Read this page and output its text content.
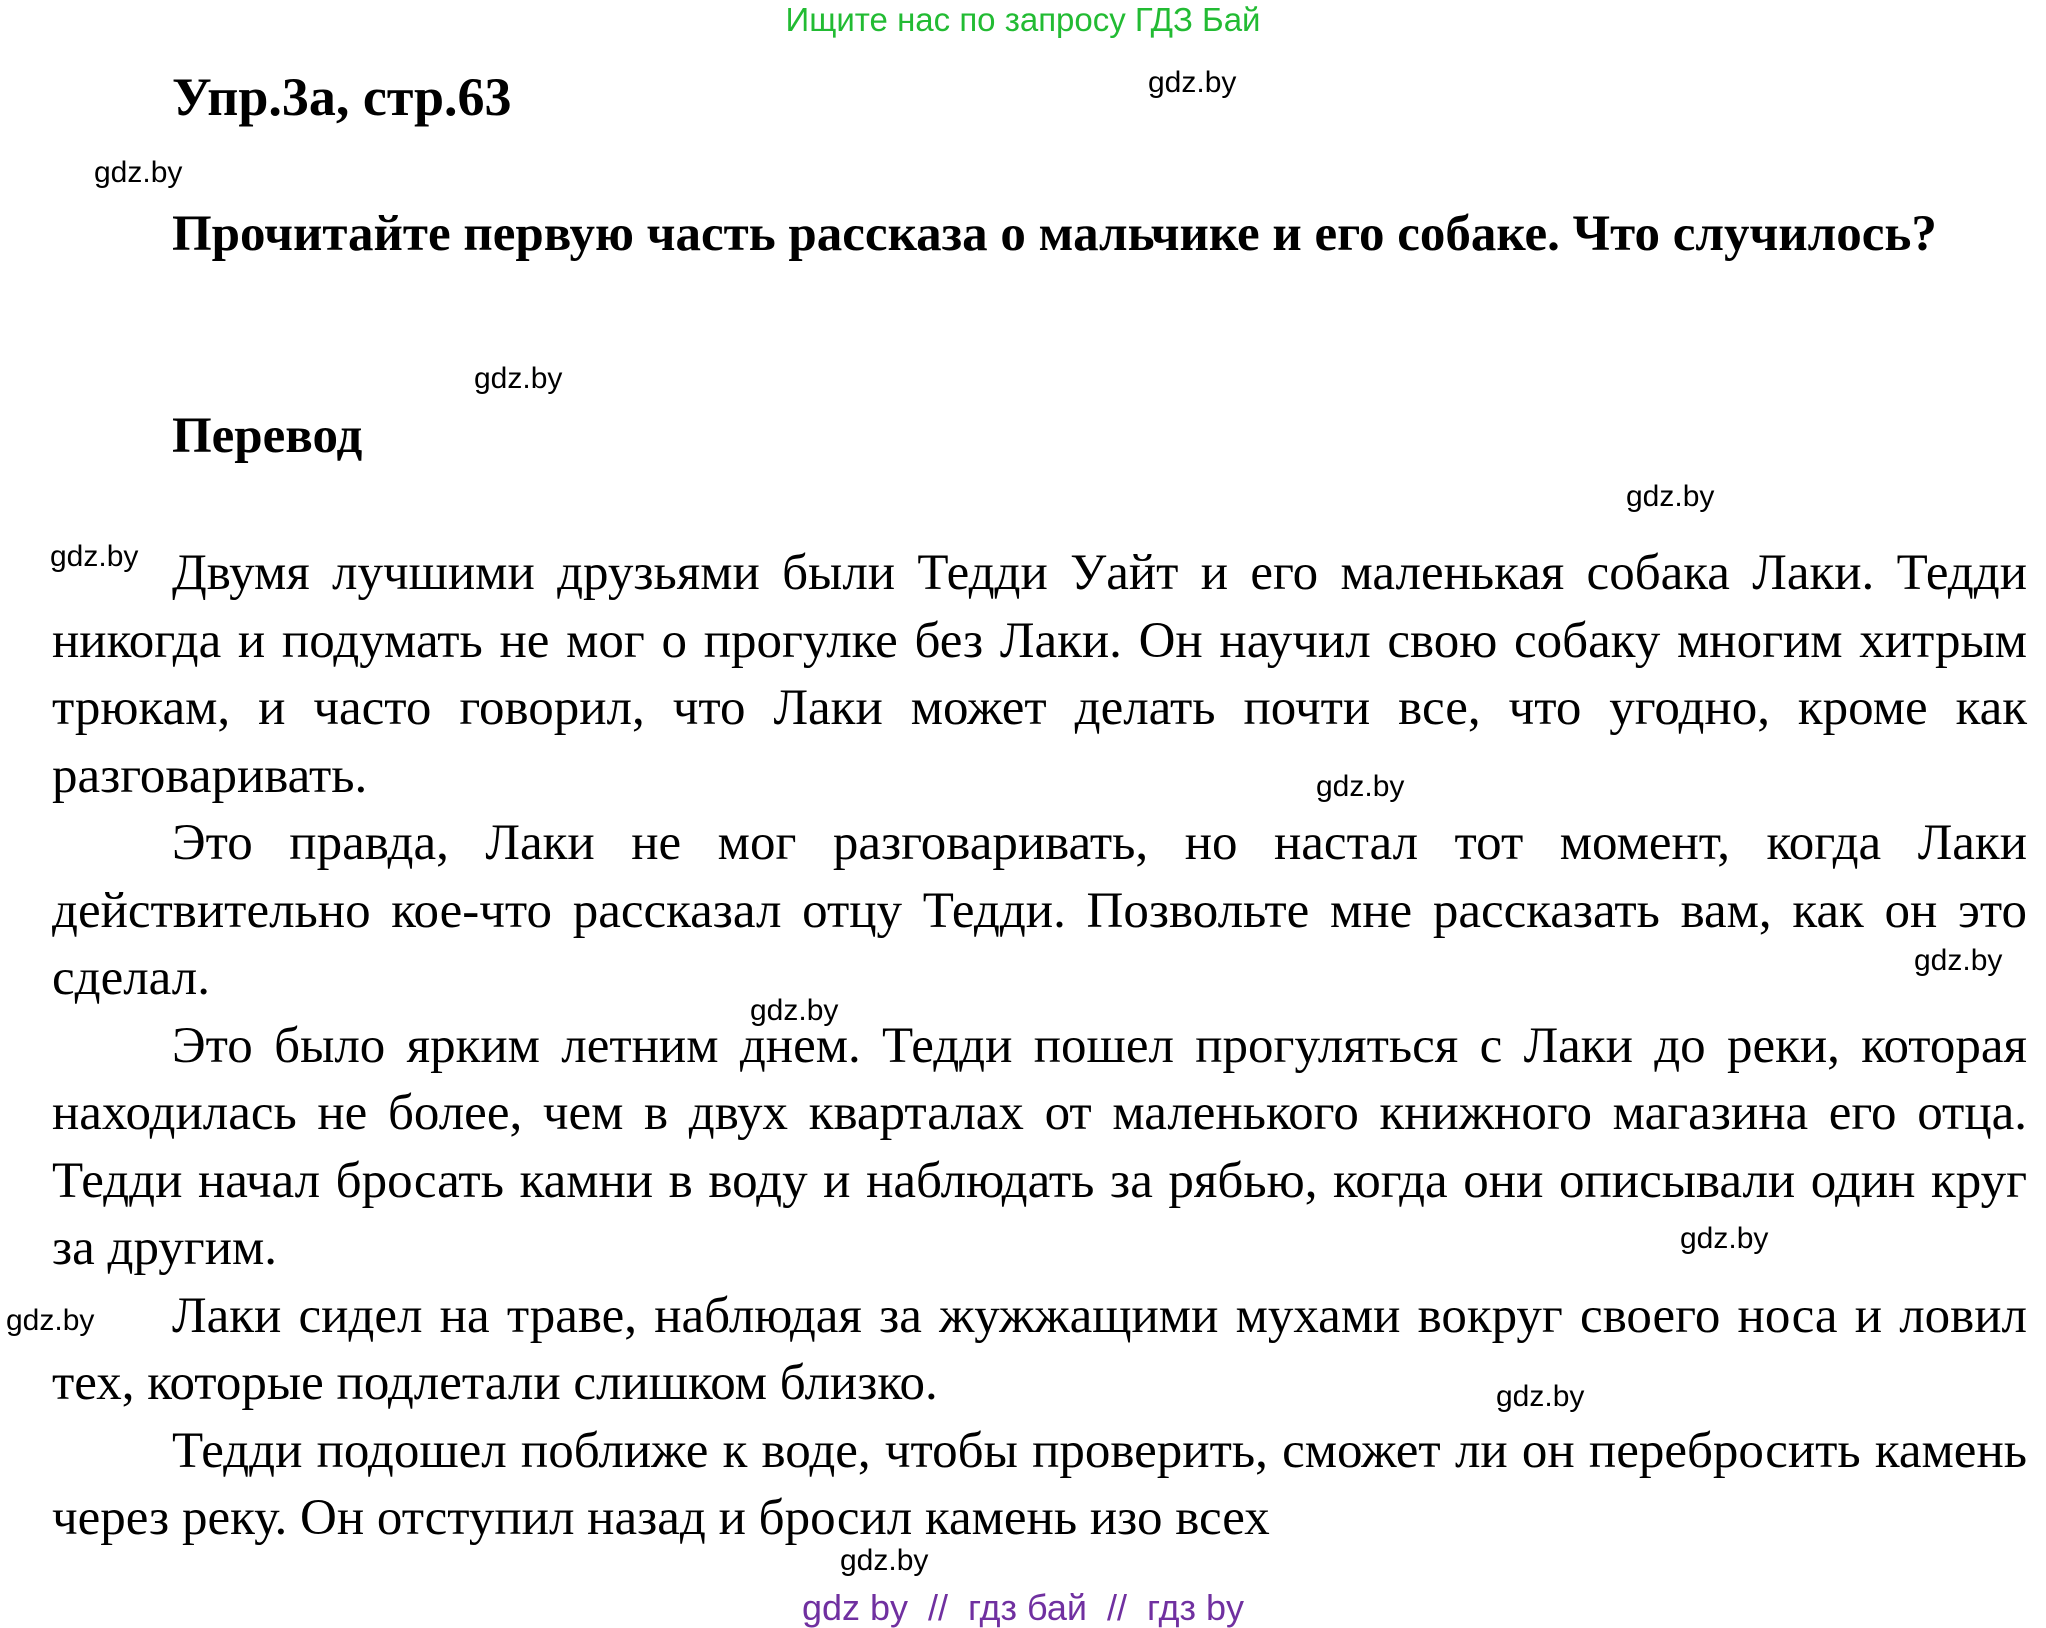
Ищите нас по запросу ГДЗ Бай
Упр.3а, стр.63
Прочитайте первую часть рассказа о мальчике и его собаке. Что случилось?
Перевод

Двумя лучшими друзьями были Тедди Уайт и его маленькая собака Лаки. Тедди никогда и подумать не мог о прогулке без Лаки. Он научил свою собаку многим хитрым трюкам, и часто говорил, что Лаки может делать почти все, что угодно, кроме как разговаривать.

Это правда, Лаки не мог разговаривать, но настал тот момент, когда Лаки действительно кое-что рассказал отцу Тедди. Позвольте мне рассказать вам, как он это сделал.

Это было ярким летним днем. Тедди пошел прогуляться с Лаки до реки, которая находилась не более, чем в двух кварталах от маленького книжного магазина его отца. Тедди начал бросать камни в воду и наблюдать за рябью, когда они описывали один круг за другим.

Лаки сидел на траве, наблюдая за жужжащими мухами вокруг своего носа и ловил тех, которые подлетали слишком близко.

Тедди подошел поближе к воде, чтобы проверить, сможет ли он перебросить камень через реку. Он отступил назад и бросил камень изо всех

gdz.by
gdz.by
gdz.by
gdz.by
gdz.by
gdz.by
gdz.by
gdz.by
gdz.by
gdz.by
gdz.by
gdz.by
gdz by  //  гдз бай  //  гдз by
